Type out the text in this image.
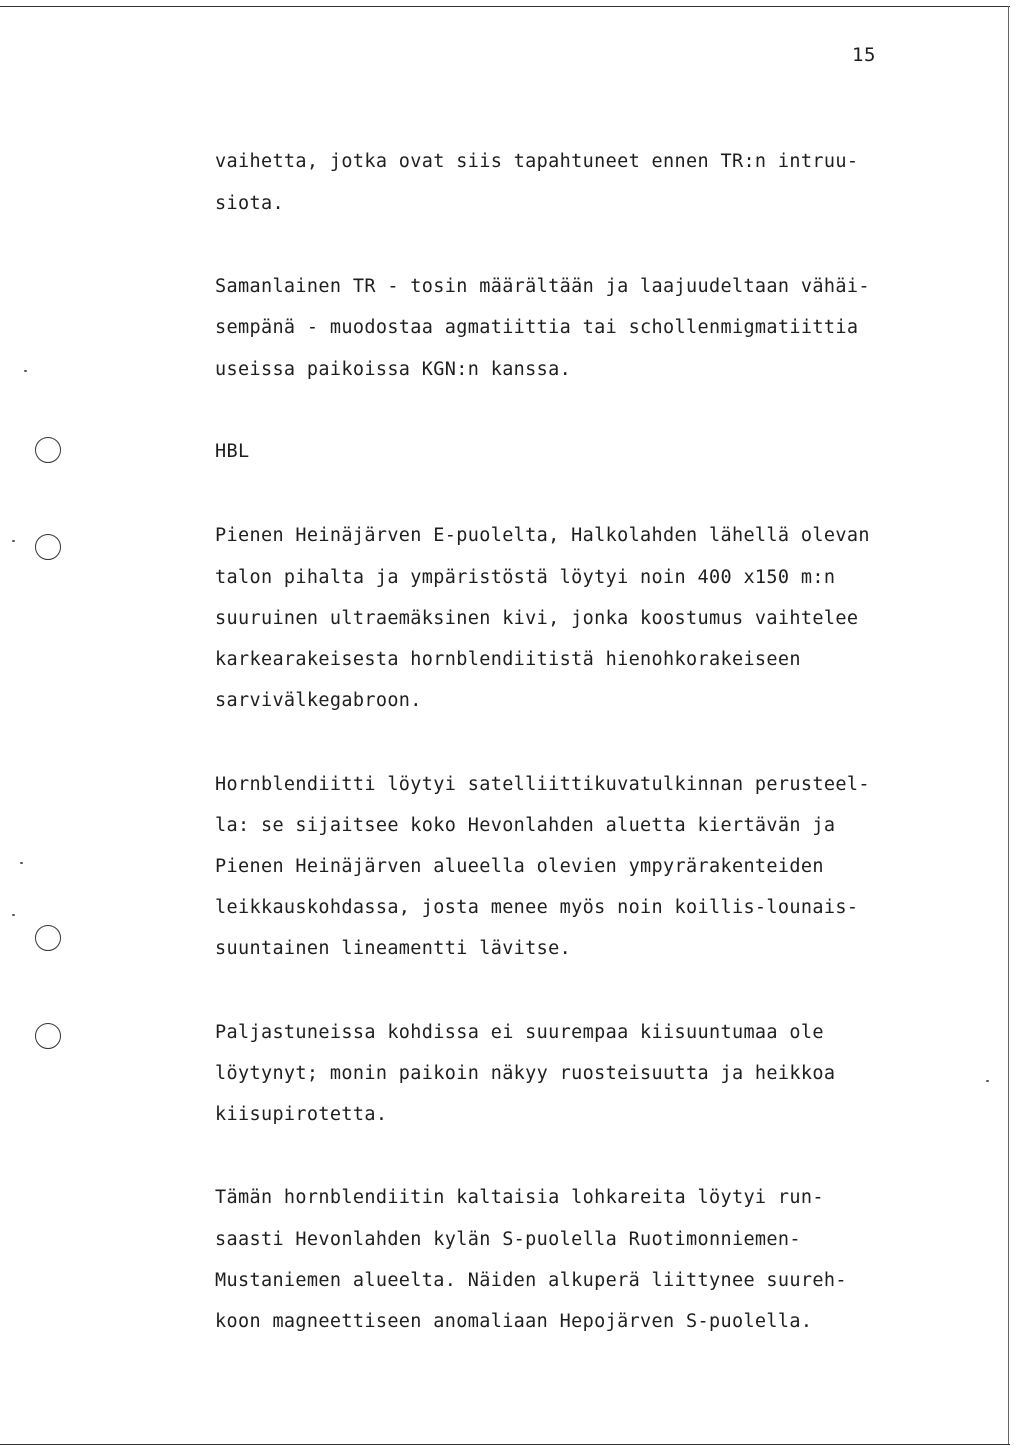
15
vaihetta, jotka ovat siis tapahtuneet ennen TR:n intruu-
siota.
Samanlainen TR - tosin määrältään ja laajuudeltaan vähäi-
sempänä - muodostaa agmatiittia tai schollenmigmatiittia
useissa paikoissa KGN:n kanssa.
HBL
Pienen Heinäjärven E-puolelta, Halkolahden lähellä olevan
talon pihalta ja ympäristöstä löytyi noin 400 x150 m:n
suuruinen ultraemäksinen kivi, jonka koostumus vaihtelee
karkearakeisesta hornblendiitistä hienohkorakeiseen
sarvivälkegabroon.
Hornblendiitti löytyi satelliittikuvatulkinnan perusteel-
la: se sijaitsee koko Hevonlahden aluetta kiertävän ja
Pienen Heinäjärven alueella olevien ympyrärakenteiden
leikkauskohdassa, josta menee myös noin koillis-lounais-
suuntainen lineamentti lävitse.
Paljastuneissa kohdissa ei suurempaa kiisuuntumaa ole
löytynyt; monin paikoin näkyy ruosteisuutta ja heikkoa
kiisupirotetta.
Tämän hornblendiitin kaltaisia lohkareita löytyi run-
saasti Hevonlahden kylän S-puolella Ruotimonniemen-
Mustaniemen alueelta. Näiden alkuperä liittynee suureh-
koon magneettiseen anomaliaan Hepojärven S-puolella.
